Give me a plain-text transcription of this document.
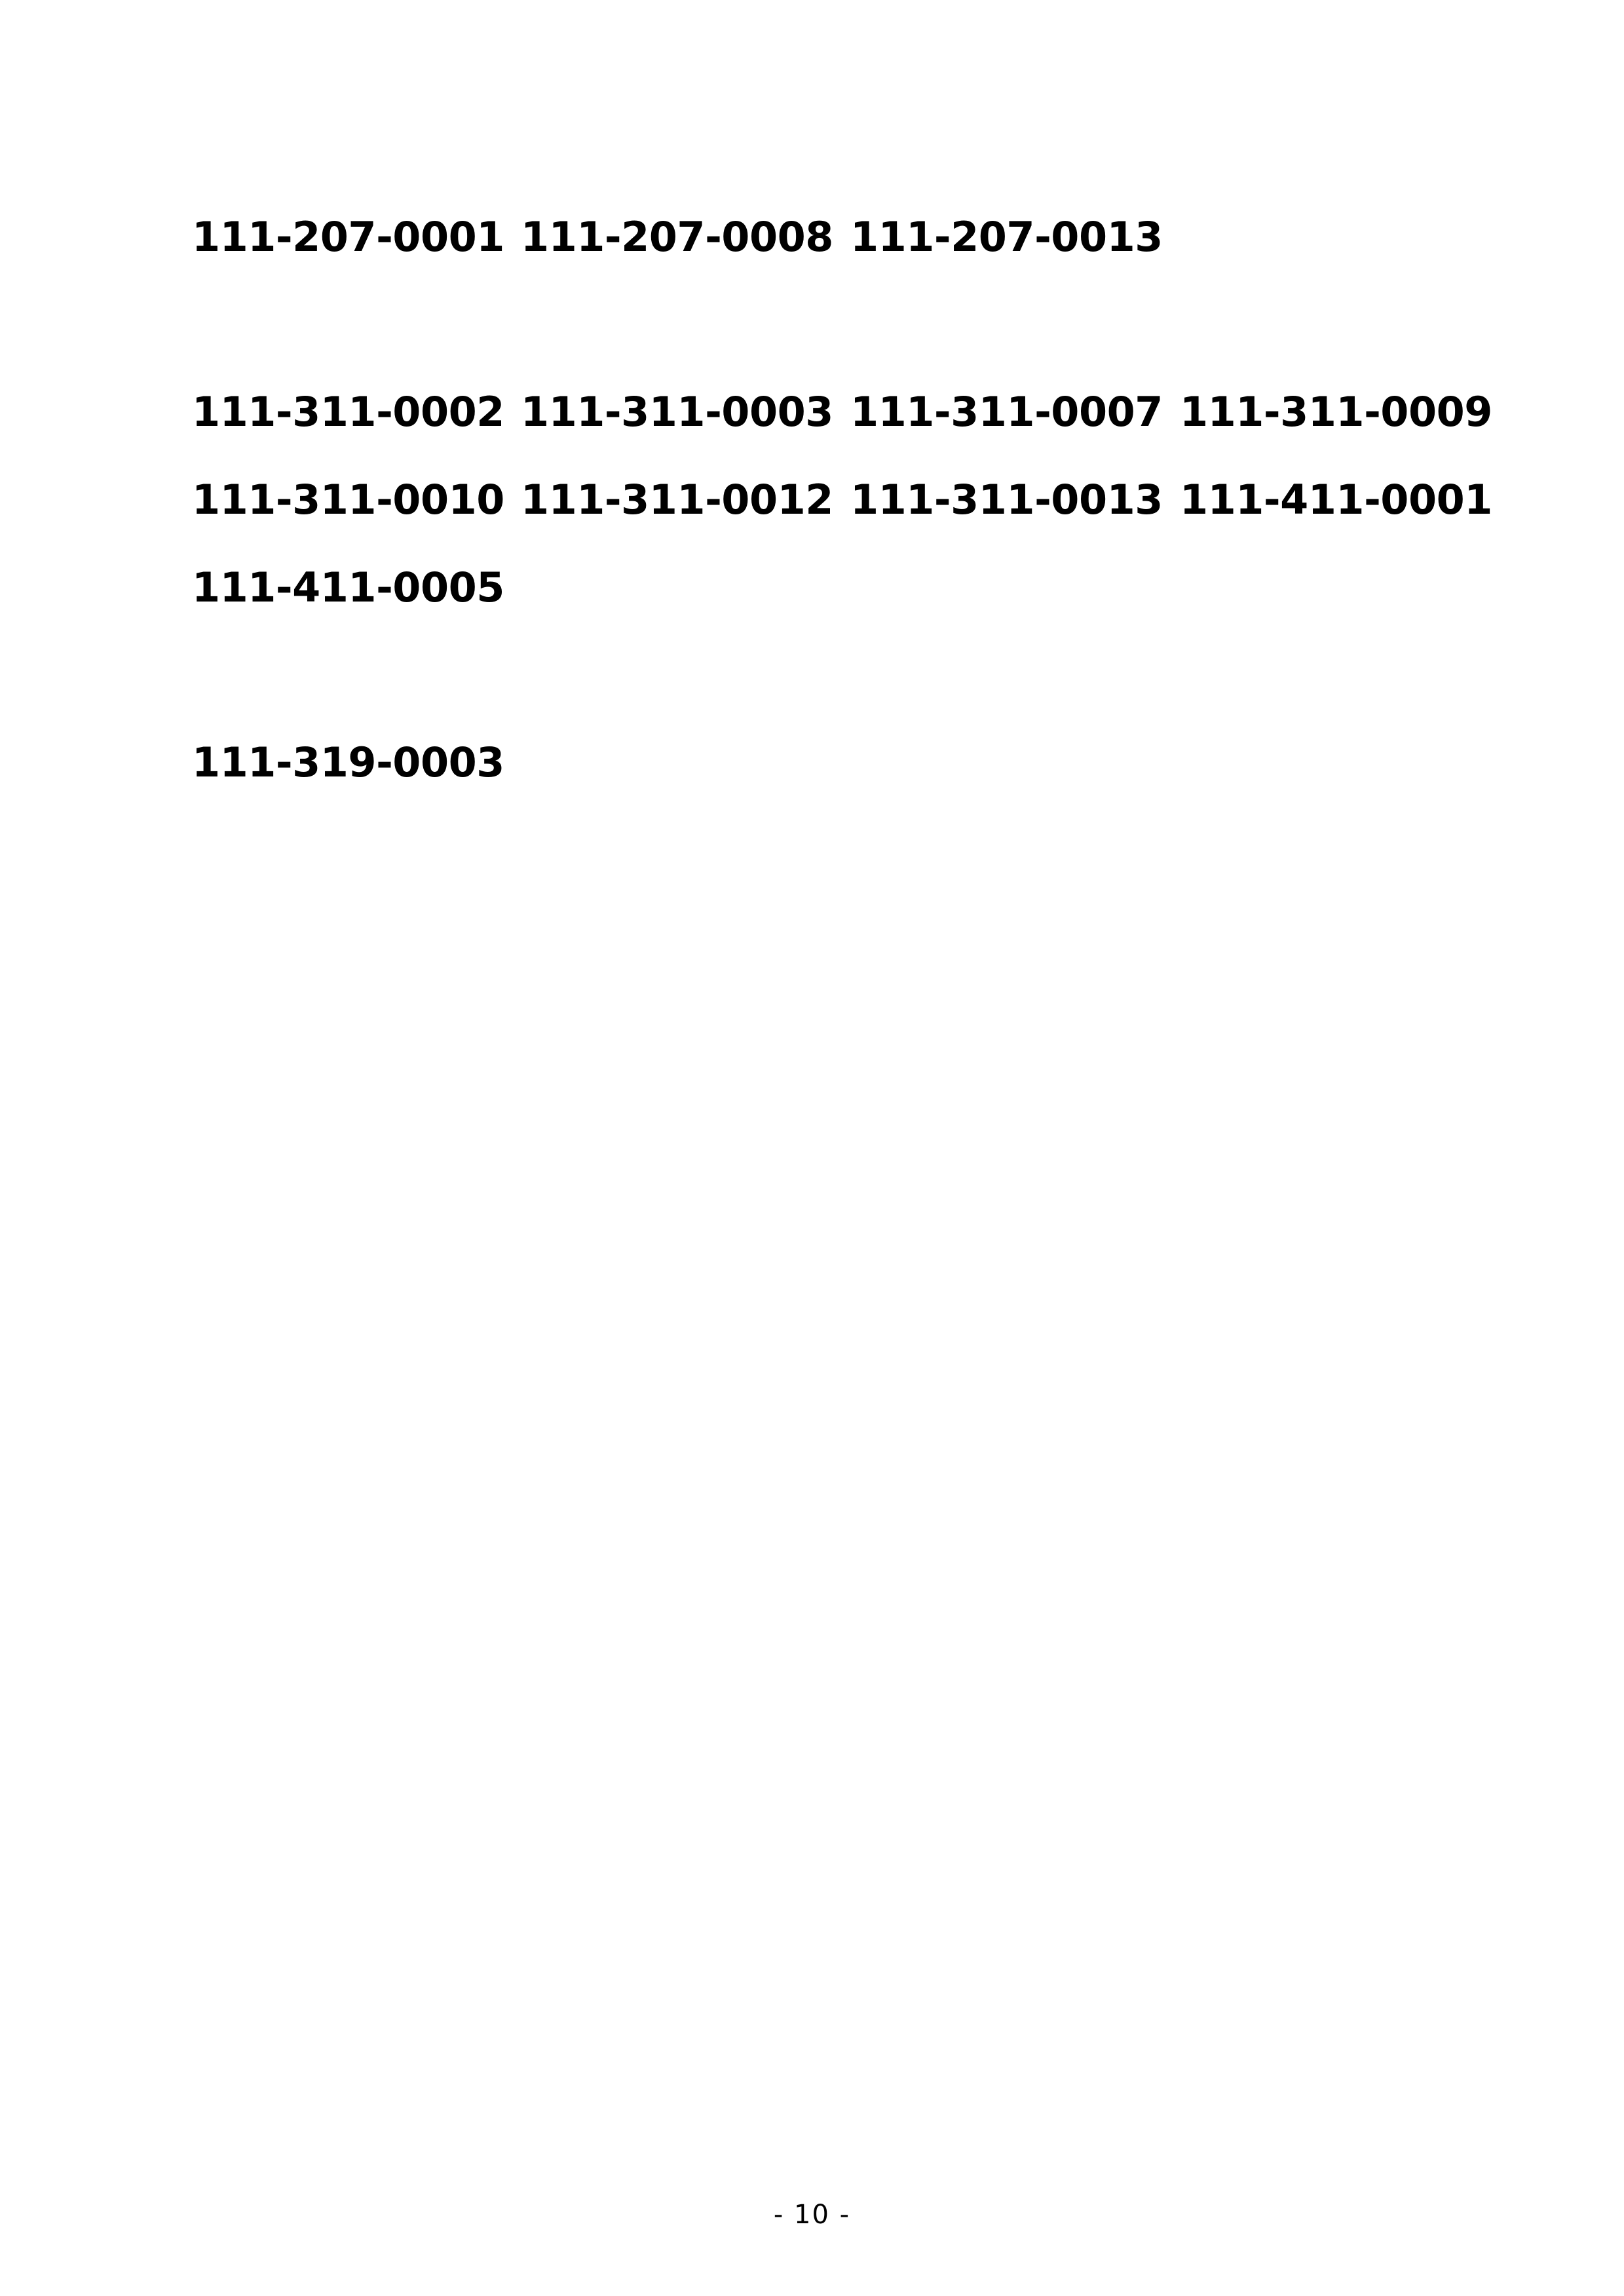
111-207-0001 111-207-0008 111-207-0013
111-311-0002 111-311-0003 111-311-0007 111-311-0009
111-311-0010 111-311-0012 111-311-0013 111-411-0001
111-411-0005
111-319-0003
- 10 -
